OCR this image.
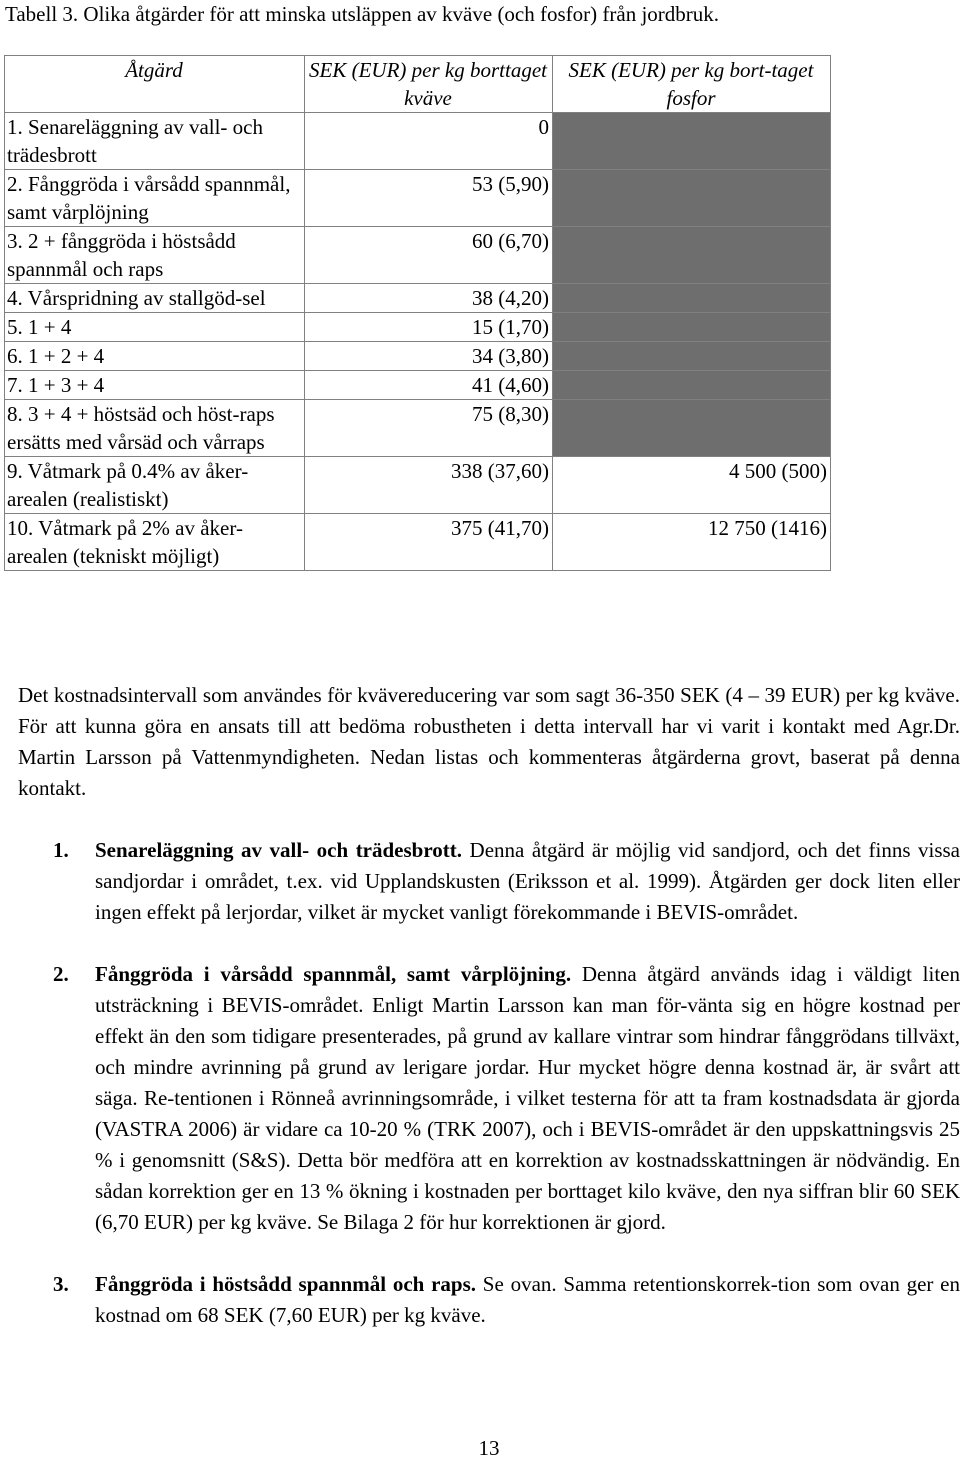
Tabell 3. Olika åtgärder för att minska utsläppen av kväve (och fosfor) från jordbruk.
Åtgärd	SEK (EUR) per kg borttaget kväve	SEK (EUR) per kg bort-taget fosfor
1. Senareläggning av vall- och trädesbrott	0	
2. Fånggröda i vårsådd spannmål, samt vårplöjning	53 (5,90)	
3. 2 + fånggröda i höstsådd spannmål och raps	60 (6,70)	
4. Vårspridning av stallgöd-sel	38 (4,20)	
5. 1 + 4	15 (1,70)	
6. 1 + 2 + 4	34 (3,80)	
7. 1 + 3 + 4	41 (4,60)	
8. 3 + 4 + höstsäd och höst-raps ersätts med vårsäd och vårraps	75 (8,30)	
9. Våtmark på 0.4% av åker-arealen (realistiskt)	338 (37,60)	4 500 (500)
10. Våtmark på 2% av åker-arealen (tekniskt möjligt)	375 (41,70)	12 750 (1416)

Det kostnadsintervall som användes för kvävereducering var som sagt 36-350 SEK (4 – 39 EUR) per kg kväve. För att kunna göra en ansats till att bedöma robustheten i detta intervall har vi varit i kontakt med Agr.Dr. Martin Larsson på Vattenmyndigheten. Nedan listas och kommenteras åtgärderna grovt, baserat på denna kontakt.

1. Senareläggning av vall- och trädesbrott. Denna åtgärd är möjlig vid sandjord, och det finns vissa sandjordar i området, t.ex. vid Upplandskusten (Eriksson et al. 1999). Åtgärden ger dock liten eller ingen effekt på lerjordar, vilket är mycket vanligt förekommande i BEVIS-området.
2. Fånggröda i vårsådd spannmål, samt vårplöjning. Denna åtgärd används idag i väldigt liten utsträckning i BEVIS-området. Enligt Martin Larsson kan man för-vänta sig en högre kostnad per effekt än den som tidigare presenterades, på grund av kallare vintrar som hindrar fånggrödans tillväxt, och mindre avrinning på grund av lerigare jordar. Hur mycket högre denna kostnad är, är svårt att säga. Re-tentionen i Rönneå avrinningsområde, i vilket testerna för att ta fram kostnadsdata är gjorda (VASTRA 2006) är vidare ca 10-20 % (TRK 2007), och i BEVIS-området är den uppskattningsvis 25 % i genomsnitt (S&S). Detta bör medföra att en korrektion av kostnadsskattningen är nödvändig. En sådan korrektion ger en 13 % ökning i kostnaden per borttaget kilo kväve, den nya siffran blir 60 SEK (6,70 EUR) per kg kväve. Se Bilaga 2 för hur korrektionen är gjord.
3. Fånggröda i höstsådd spannmål och raps. Se ovan. Samma retentionskorrek-tion som ovan ger en kostnad om 68 SEK (7,60 EUR) per kg kväve.
13
